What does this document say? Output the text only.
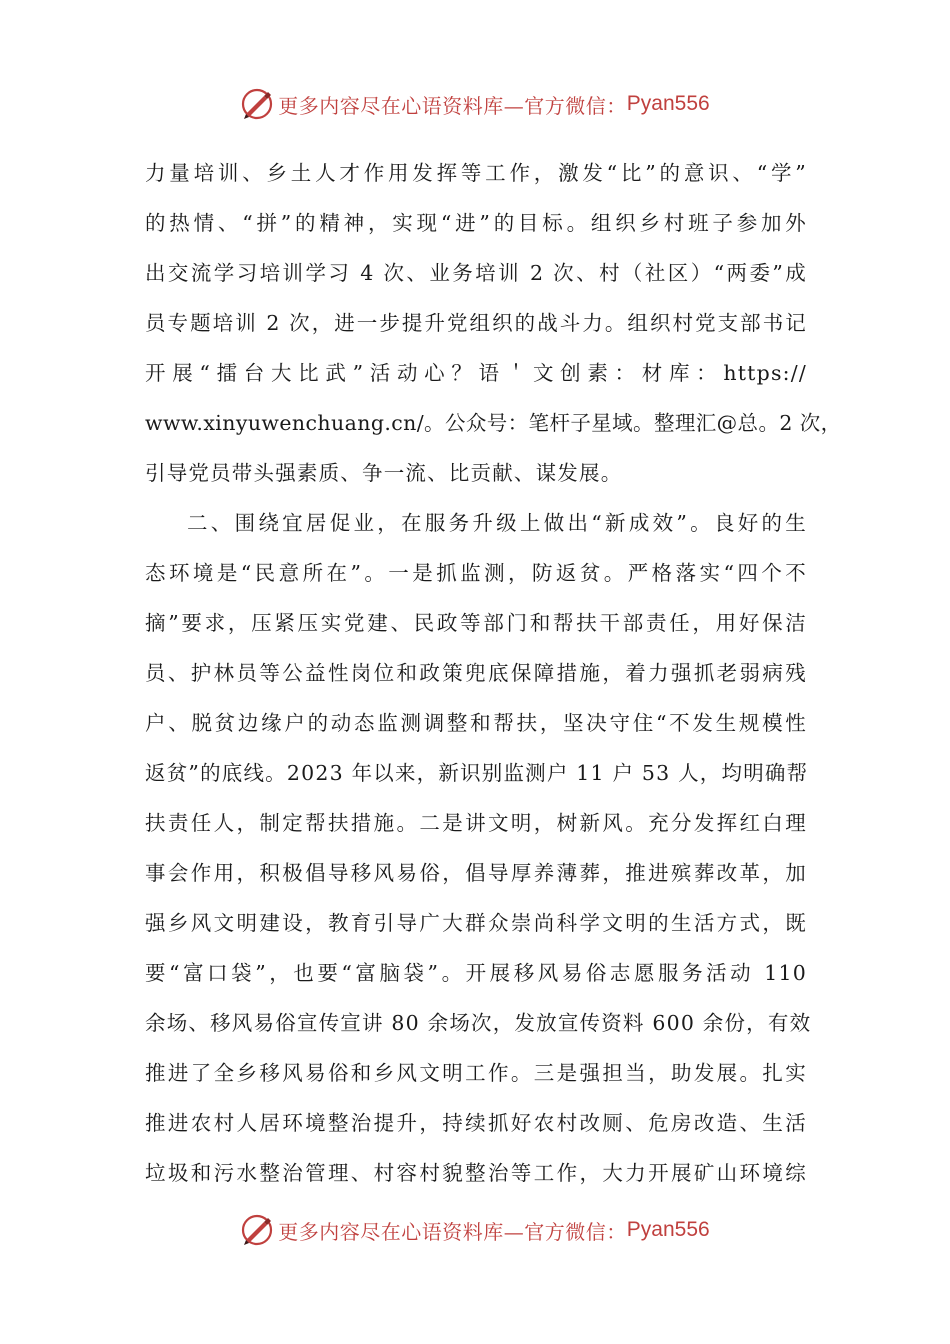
更多内容尽在心语资料库—官方微信： Pyan556
力量培训、乡土人才作用发挥等工作，激发“比”的意识、“学”
的热情、“拼”的精神，实现“进”的目标。组织乡村班子参加外
出交流学习培训学习 4 次、业务培训 2 次、村（社区）“两委”成
员专题培训 2 次，进一步提升党组织的战斗力。组织村党支部书记
开展“擂台大比武”活动心？语＇文创素：材库：https://
www.xinyuwenchuang.cn/。公众号：笔杆子星域。整理汇@总。2 次，
引导党员带头强素质、争一流、比贡献、谋发展。
二、围绕宜居促业，在服务升级上做出“新成效”。良好的生
态环境是“民意所在”。一是抓监测，防返贫。严格落实“四个不
摘”要求，压紧压实党建、民政等部门和帮扶干部责任，用好保洁
员、护林员等公益性岗位和政策兜底保障措施，着力强抓老弱病残
户、脱贫边缘户的动态监测调整和帮扶，坚决守住“不发生规模性
返贫”的底线。2023 年以来，新识别监测户 11 户 53 人，均明确帮
扶责任人，制定帮扶措施。二是讲文明，树新风。充分发挥红白理
事会作用，积极倡导移风易俗，倡导厚养薄葬，推进殡葬改革，加
强乡风文明建设，教育引导广大群众崇尚科学文明的生活方式，既
要“富口袋”，也要“富脑袋”。开展移风易俗志愿服务活动 110
余场、移风易俗宣传宣讲 80 余场次，发放宣传资料 600 余份，有效
推进了全乡移风易俗和乡风文明工作。三是强担当，助发展。扎实
推进农村人居环境整治提升，持续抓好农村改厕、危房改造、生活
垃圾和污水整治管理、村容村貌整治等工作，大力开展矿山环境综
更多内容尽在心语资料库—官方微信： Pyan556
